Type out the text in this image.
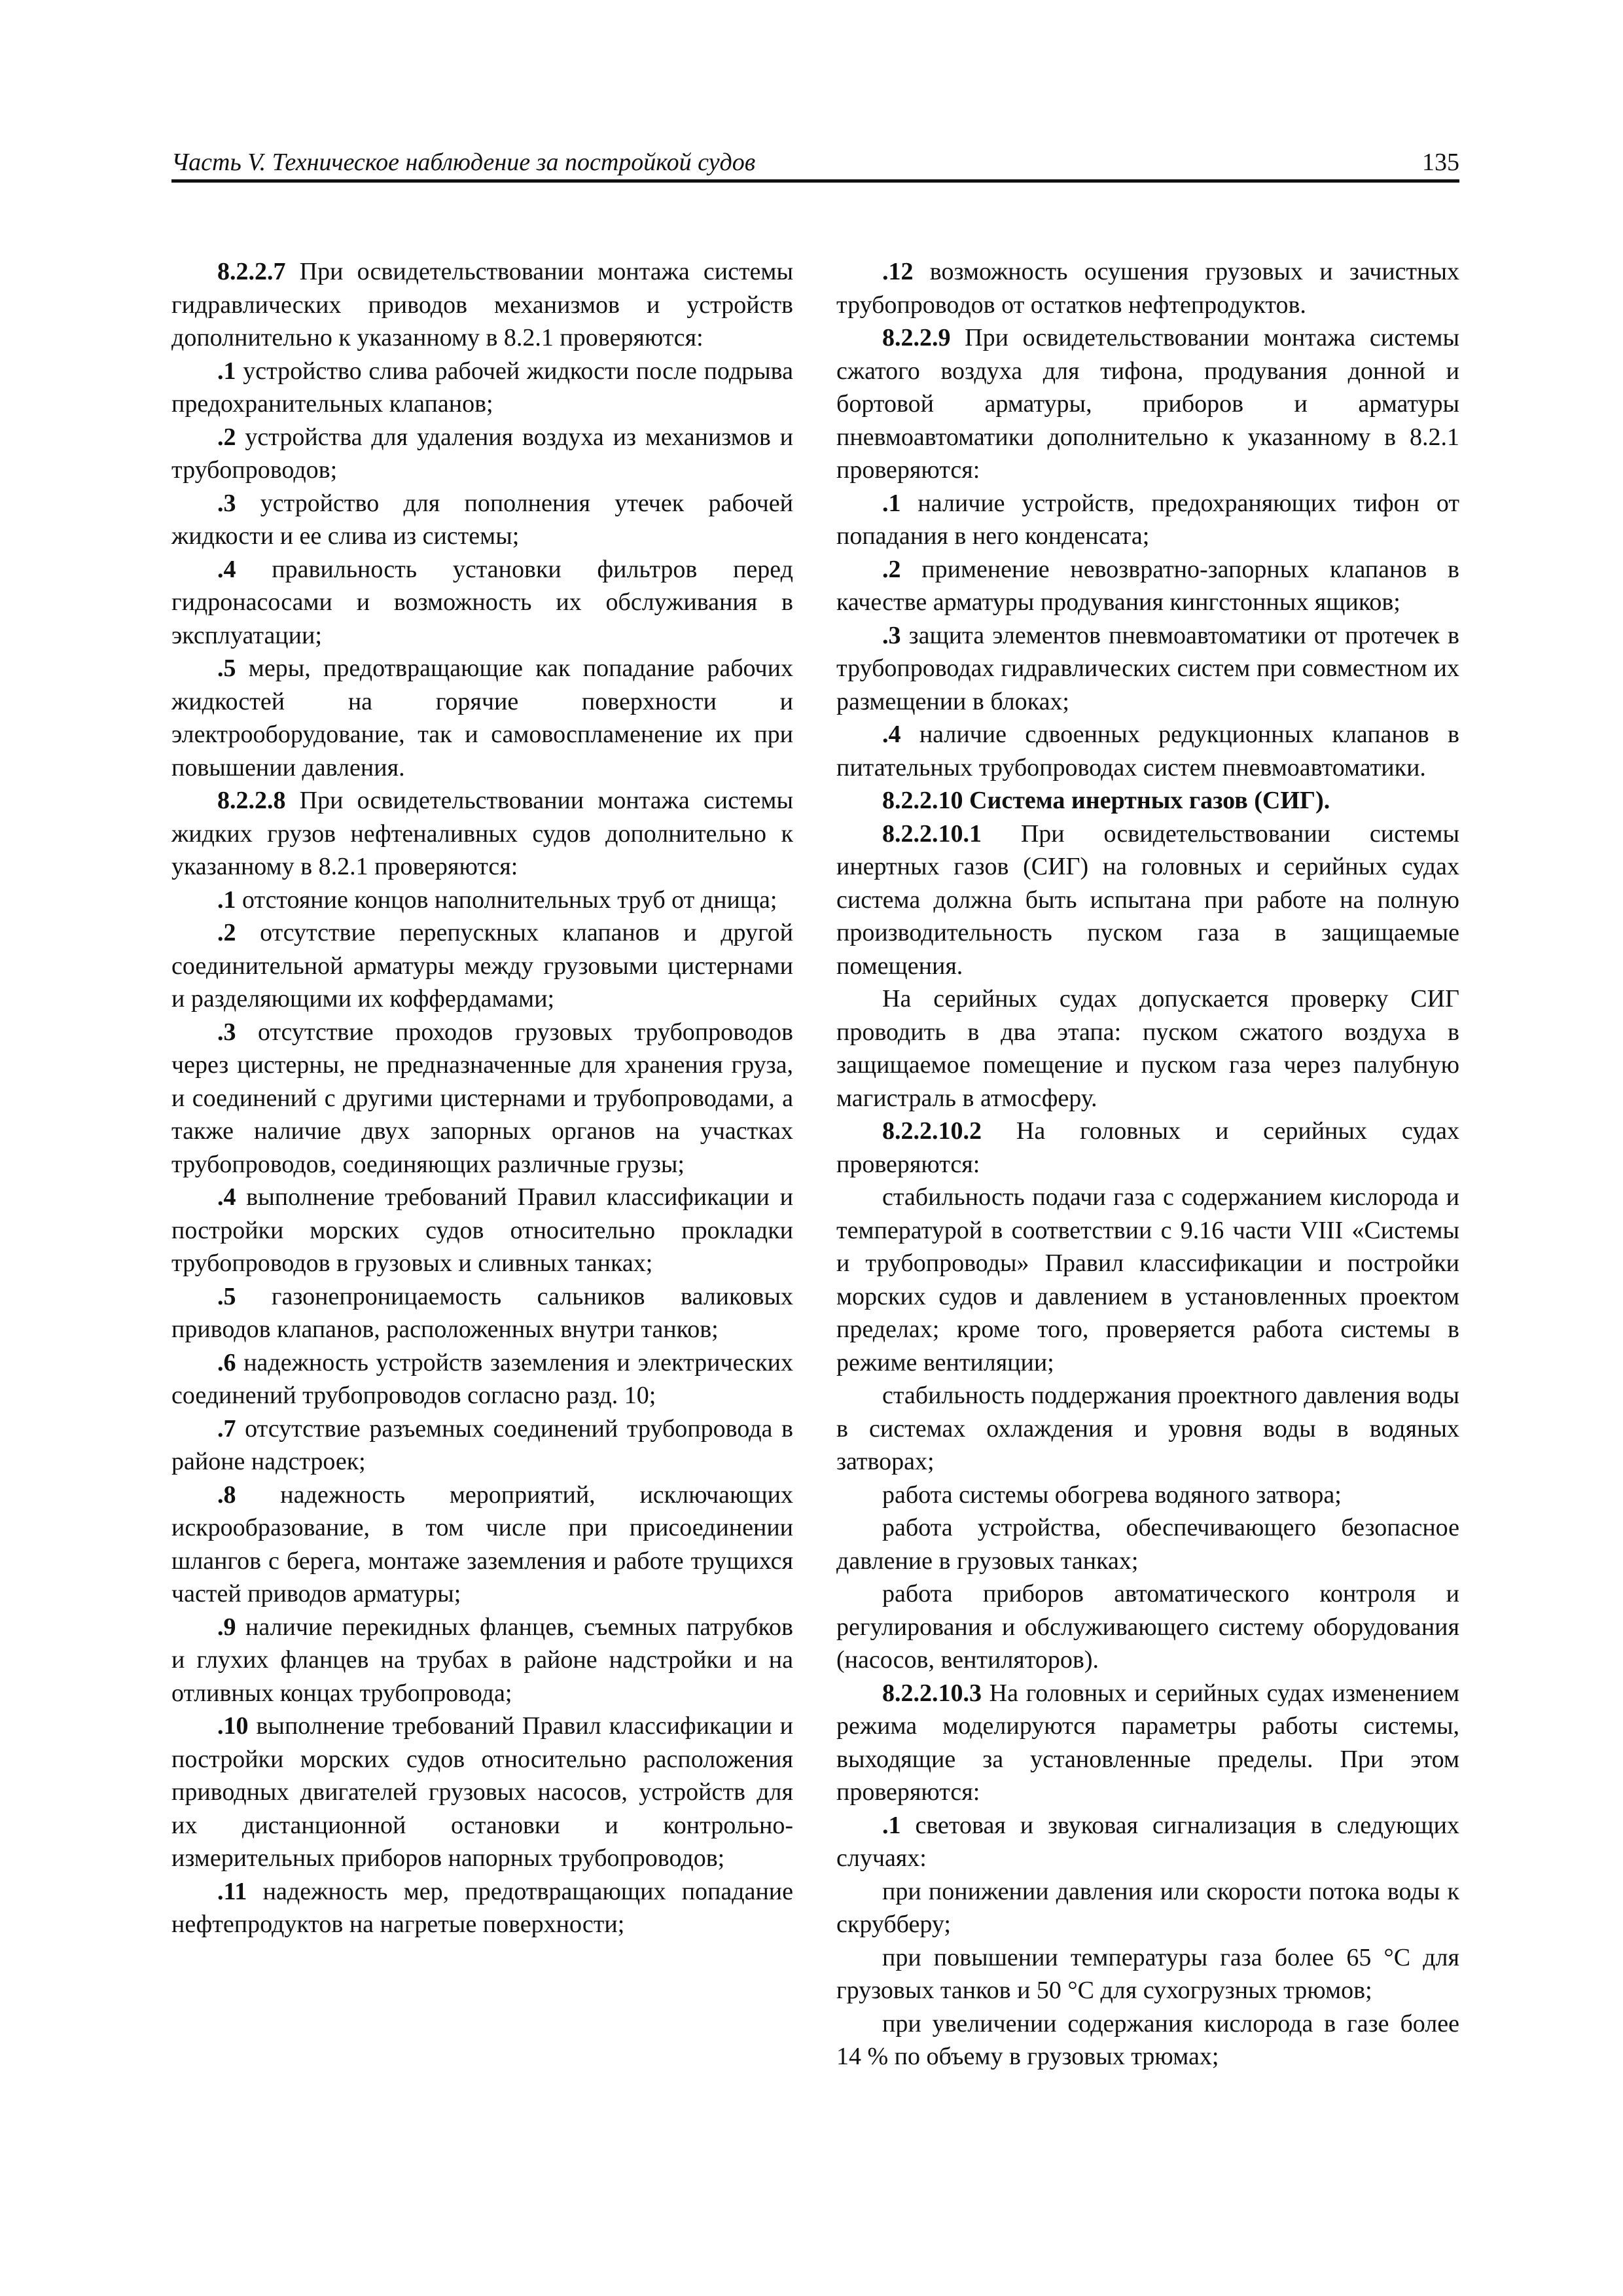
Часть V. Техническое наблюдение за постройкой судов	135

8.2.2.7 При освидетельствовании монтажа системы гидравлических приводов механизмов и устройств дополнительно к указанному в 8.2.1 проверяются:

.1 устройство слива рабочей жидкости после подрыва предохранительных клапанов;

.2 устройства для удаления воздуха из механизмов и трубопроводов;

.3 устройство для пополнения утечек рабочей жидкости и ее слива из системы;

.4 правильность установки фильтров перед гидронасосами и возможность их обслуживания в эксплуатации;

.5 меры, предотвращающие как попадание рабочих жидкостей на горячие поверхности и электрооборудование, так и самовоспламенение их при повышении давления.

8.2.2.8 При освидетельствовании монтажа системы жидких грузов нефтеналивных судов дополнительно к указанному в 8.2.1 проверяются:

.1 отстояние концов наполнительных труб от днища;

.2 отсутствие перепускных клапанов и другой соединительной арматуры между грузовыми цистернами и разделяющими их коффердамами;

.3 отсутствие проходов грузовых трубопроводов через цистерны, не предназначенные для хранения груза, и соединений с другими цистернами и трубопроводами, а также наличие двух запорных органов на участках трубопроводов, соединяющих различные грузы;

.4 выполнение требований Правил классификации и постройки морских судов относительно прокладки трубопроводов в грузовых и сливных танках;

.5 газонепроницаемость сальников валиковых приводов клапанов, расположенных внутри танков;

.6 надежность устройств заземления и электрических соединений трубопроводов согласно разд. 10;

.7 отсутствие разъемных соединений трубопровода в районе надстроек;

.8 надежность мероприятий, исключающих искрообразование, в том числе при присоединении шлангов с берега, монтаже заземления и работе трущихся частей приводов арматуры;

.9 наличие перекидных фланцев, съемных патрубков и глухих фланцев на трубах в районе надстройки и на отливных концах трубопровода;

.10 выполнение требований Правил классификации и постройки морских судов относительно расположения приводных двигателей грузовых насосов, устройств для их дистанционной остановки и контрольно-измерительных приборов напорных трубопроводов;

.11 надежность мер, предотвращающих попадание нефтепродуктов на нагретые поверхности;

.12 возможность осушения грузовых и зачистных трубопроводов от остатков нефтепродуктов.

8.2.2.9 При освидетельствовании монтажа системы сжатого воздуха для тифона, продувания донной и бортовой арматуры, приборов и арматуры пневмоавтоматики дополнительно к указанному в 8.2.1 проверяются:

.1 наличие устройств, предохраняющих тифон от попадания в него конденсата;

.2 применение невозвратно-запорных клапанов в качестве арматуры продувания кингстонных ящиков;

.3 защита элементов пневмоавтоматики от протечек в трубопроводах гидравлических систем при совместном их размещении в блоках;

.4 наличие сдвоенных редукционных клапанов в питательных трубопроводах систем пневмоавтоматики.

8.2.2.10 Система инертных газов (СИГ).

8.2.2.10.1 При освидетельствовании системы инертных газов (СИГ) на головных и серийных судах система должна быть испытана при работе на полную производительность пуском газа в защищаемые помещения.

На серийных судах допускается проверку СИГ проводить в два этапа: пуском сжатого воздуха в защищаемое помещение и пуском газа через палубную магистраль в атмосферу.

8.2.2.10.2 На головных и серийных судах проверяются:

стабильность подачи газа с содержанием кислорода и температурой в соответствии с 9.16 части VIII «Системы и трубопроводы» Правил классификации и постройки морских судов и давлением в установленных проектом пределах; кроме того, проверяется работа системы в режиме вентиляции;

стабильность поддержания проектного давления воды в системах охлаждения и уровня воды в водяных затворах;

работа системы обогрева водяного затвора;

работа устройства, обеспечивающего безопасное давление в грузовых танках;

работа приборов автоматического контроля и регулирования и обслуживающего систему оборудования (насосов, вентиляторов).

8.2.2.10.3 На головных и серийных судах изменением режима моделируются параметры работы системы, выходящие за установленные пределы. При этом проверяются:

.1 световая и звуковая сигнализация в следующих случаях:

при понижении давления или скорости потока воды к скрубберу;

при повышении температуры газа более 65 °С для грузовых танков и 50 °С для сухогрузных трюмов;

при увеличении содержания кислорода в газе более 14 % по объему в грузовых трюмах;
